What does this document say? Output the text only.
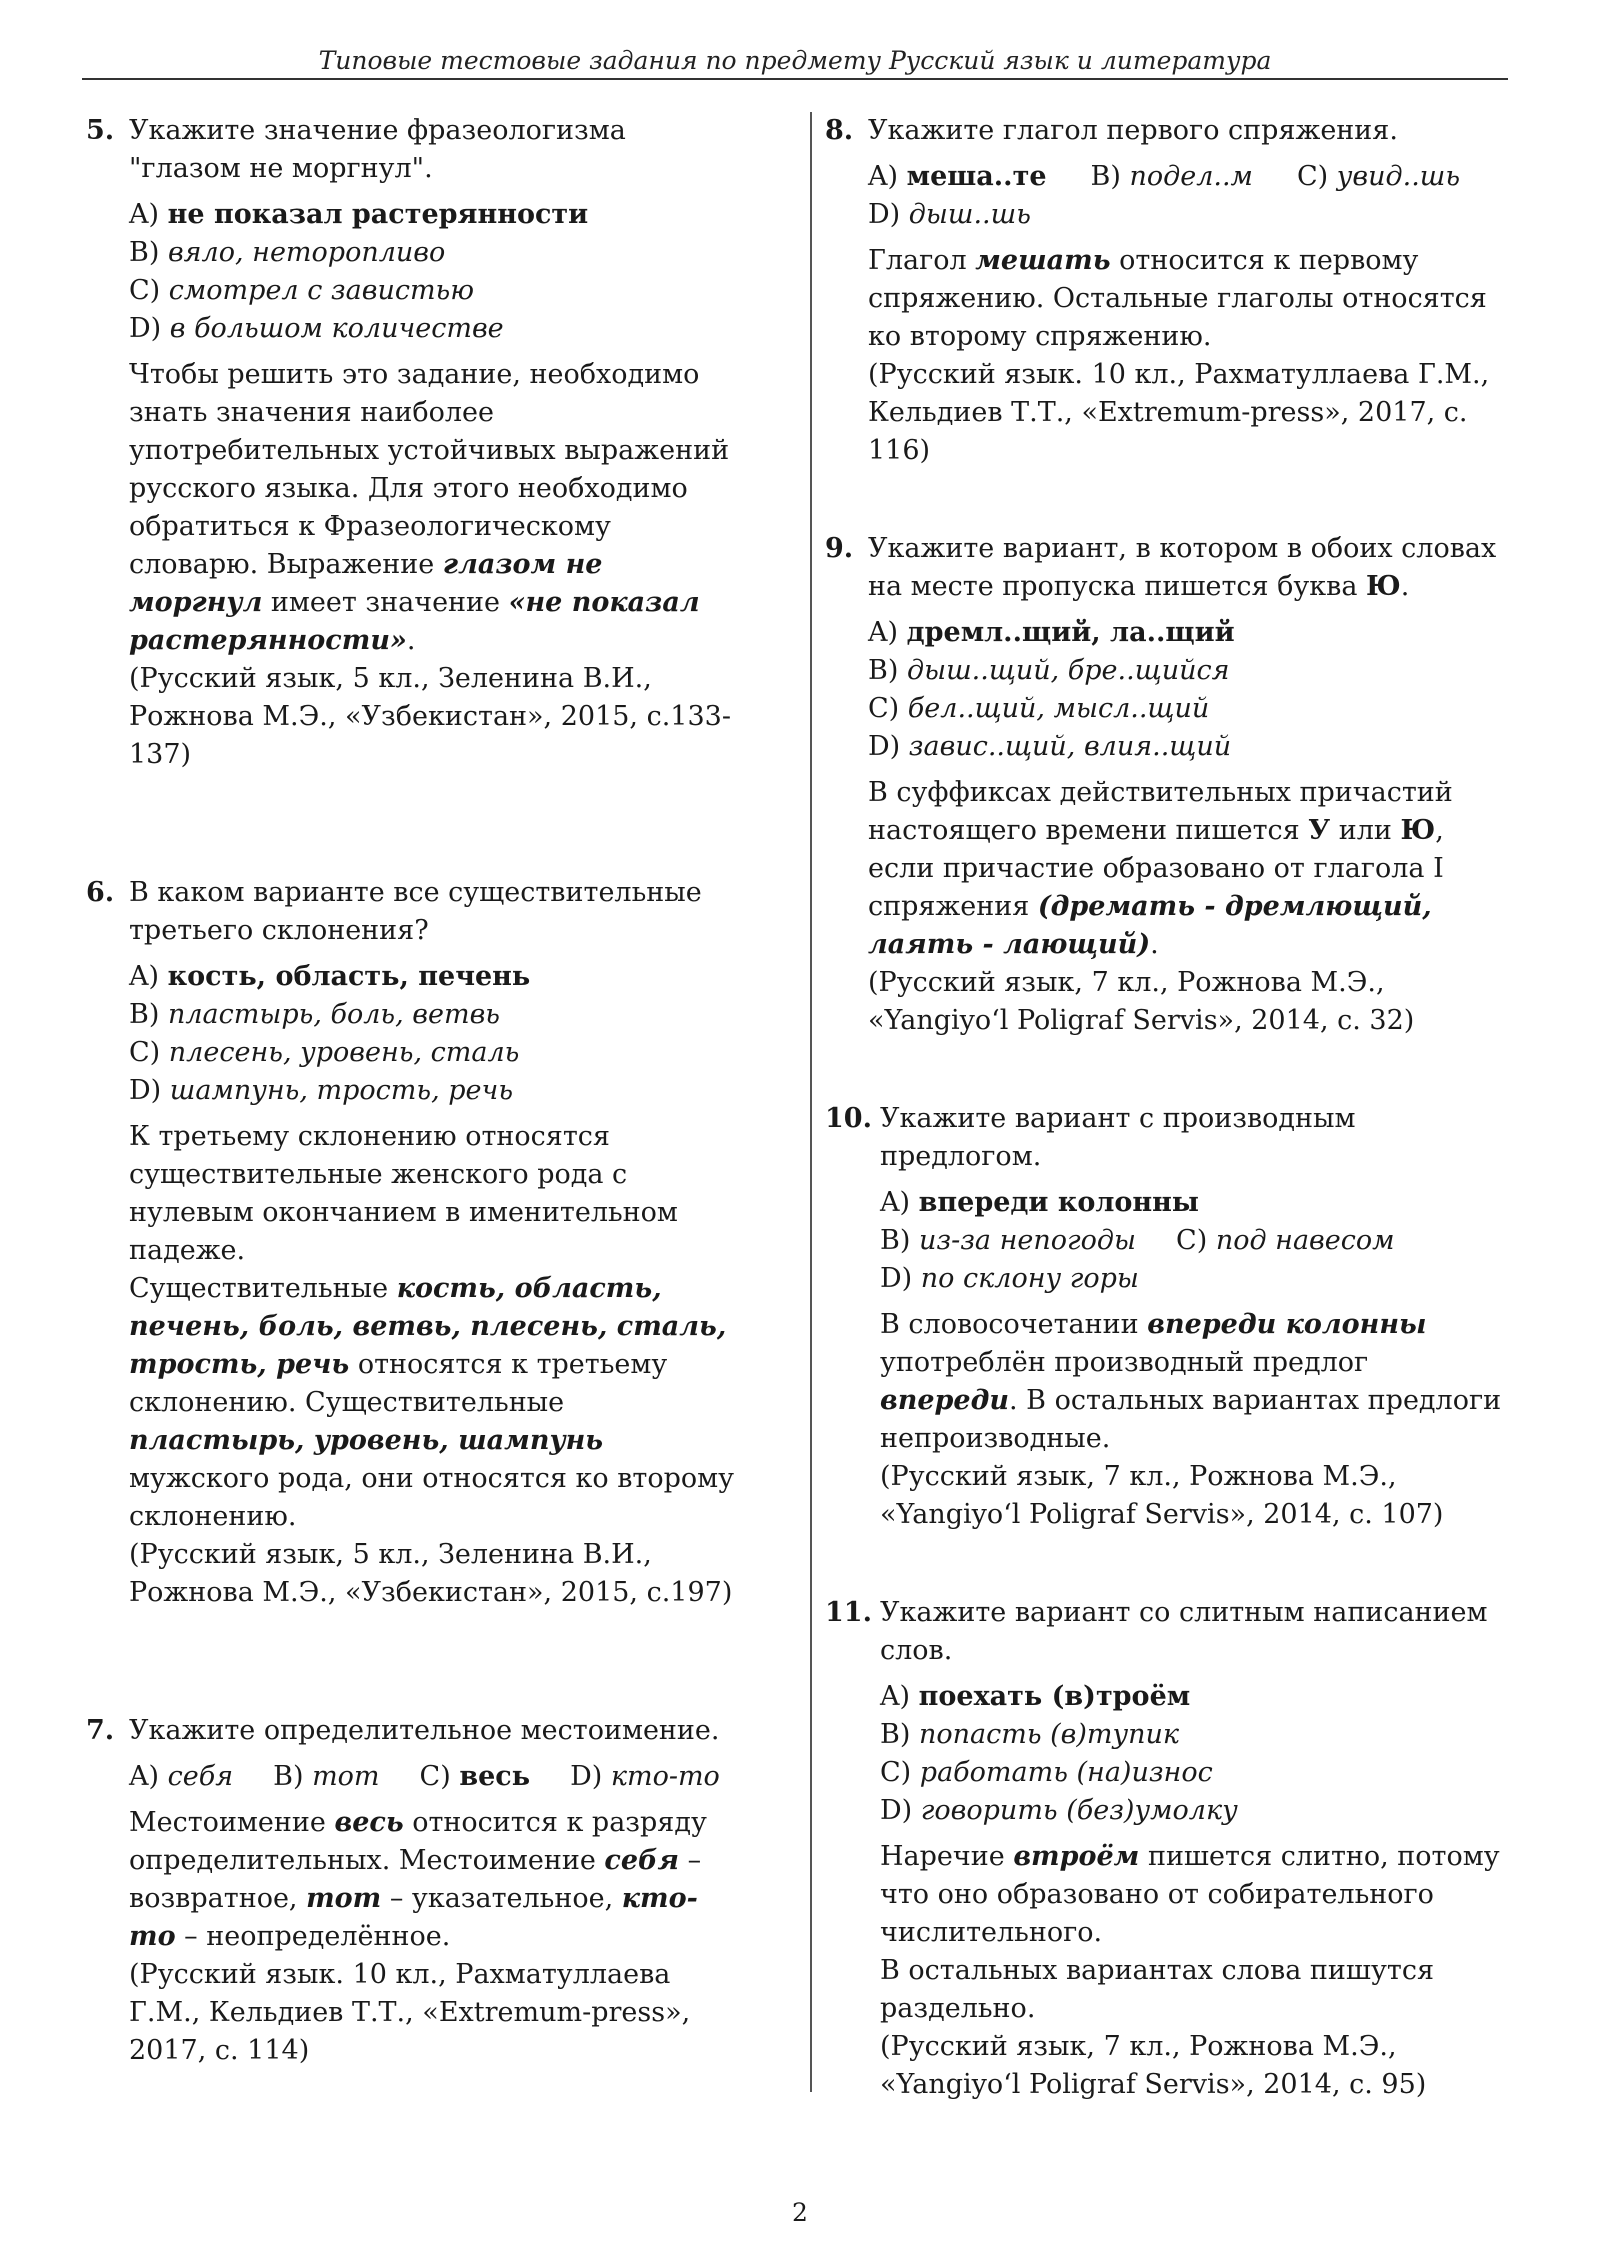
Типовые тестовые задания по предмету Русский язык и литература
5. Укажите значение фразеологизма "глазом не моргнул".
A) не показал растерянности
B) вяло, неторопливо
C) смотрел с завистью
D) в большом количестве
Чтобы решить это задание, необходимо знать значения наиболее употребительных устойчивых выражений русского языка. Для этого необходимо обратиться к Фразеологическому словарю. Выражение глазом не моргнул имеет значение «не показал растерянности».
(Русский язык, 5 кл., Зеленина В.И., Рожнова М.Э., «Узбекистан», 2015, с.133-137)
6. В каком варианте все существительные третьего склонения?
A) кость, область, печень
B) пластырь, боль, ветвь
C) плесень, уровень, сталь
D) шампунь, трость, речь
К третьему склонению относятся существительные женского рода с нулевым окончанием в именительном падеже.
Существительные кость, область, печень, боль, ветвь, плесень, сталь, трость, речь относятся к третьему склонению. Существительные пластырь, уровень, шампунь мужского рода, они относятся ко второму склонению.
(Русский язык, 5 кл., Зеленина В.И., Рожнова М.Э., «Узбекистан», 2015, с.197)
7. Укажите определительное местоимение.
A) себя B) тот C) весь D) кто-то
Местоимение весь относится к разряду определительных. Местоимение себя – возвратное, тот – указательное, кто-то – неопределённое.
(Русский язык. 10 кл., Рахматуллаева Г.М., Кельдиев Т.Т., «Extremum-press», 2017, с. 114)
8. Укажите глагол первого спряжения.
A) меша..те B) подел..м C) увид..шь
D) дыш..шь
Глагол мешать относится к первому спряжению. Остальные глаголы относятся ко второму спряжению.
(Русский язык. 10 кл., Рахматуллаева Г.М., Кельдиев Т.Т., «Extremum-press», 2017, с. 116)
9. Укажите вариант, в котором в обоих словах на месте пропуска пишется буква Ю.
A) дремл..щий, ла..щий
B) дыш..щий, бре..щийся
C) бел..щий, мысл..щий
D) завис..щий, влия..щий
В суффиксах действительных причастий настоящего времени пишется У или Ю, если причастие образовано от глагола I спряжения (дремать - дремлющий, лаять - лающий).
(Русский язык, 7 кл., Рожнова М.Э., «Yangiyo‘l Poligraf Servis», 2014, с. 32)
10. Укажите вариант с производным предлогом.
A) впереди колонны
B) из-за непогоды C) под навесом
D) по склону горы
В словосочетании впереди колонны употреблён производный предлог впереди. В остальных вариантах предлоги непроизводные.
(Русский язык, 7 кл., Рожнова М.Э., «Yangiyo‘l Poligraf Servis», 2014, с. 107)
11. Укажите вариант со слитным написанием слов.
A) поехать (в)троём
B) попасть (в)тупик
C) работать (на)износ
D) говорить (без)умолку
Наречие втроём пишется слитно, потому что оно образовано от собирательного числительного.
В остальных вариантах слова пишутся раздельно.
(Русский язык, 7 кл., Рожнова М.Э., «Yangiyo‘l Poligraf Servis», 2014, с. 95)
2
